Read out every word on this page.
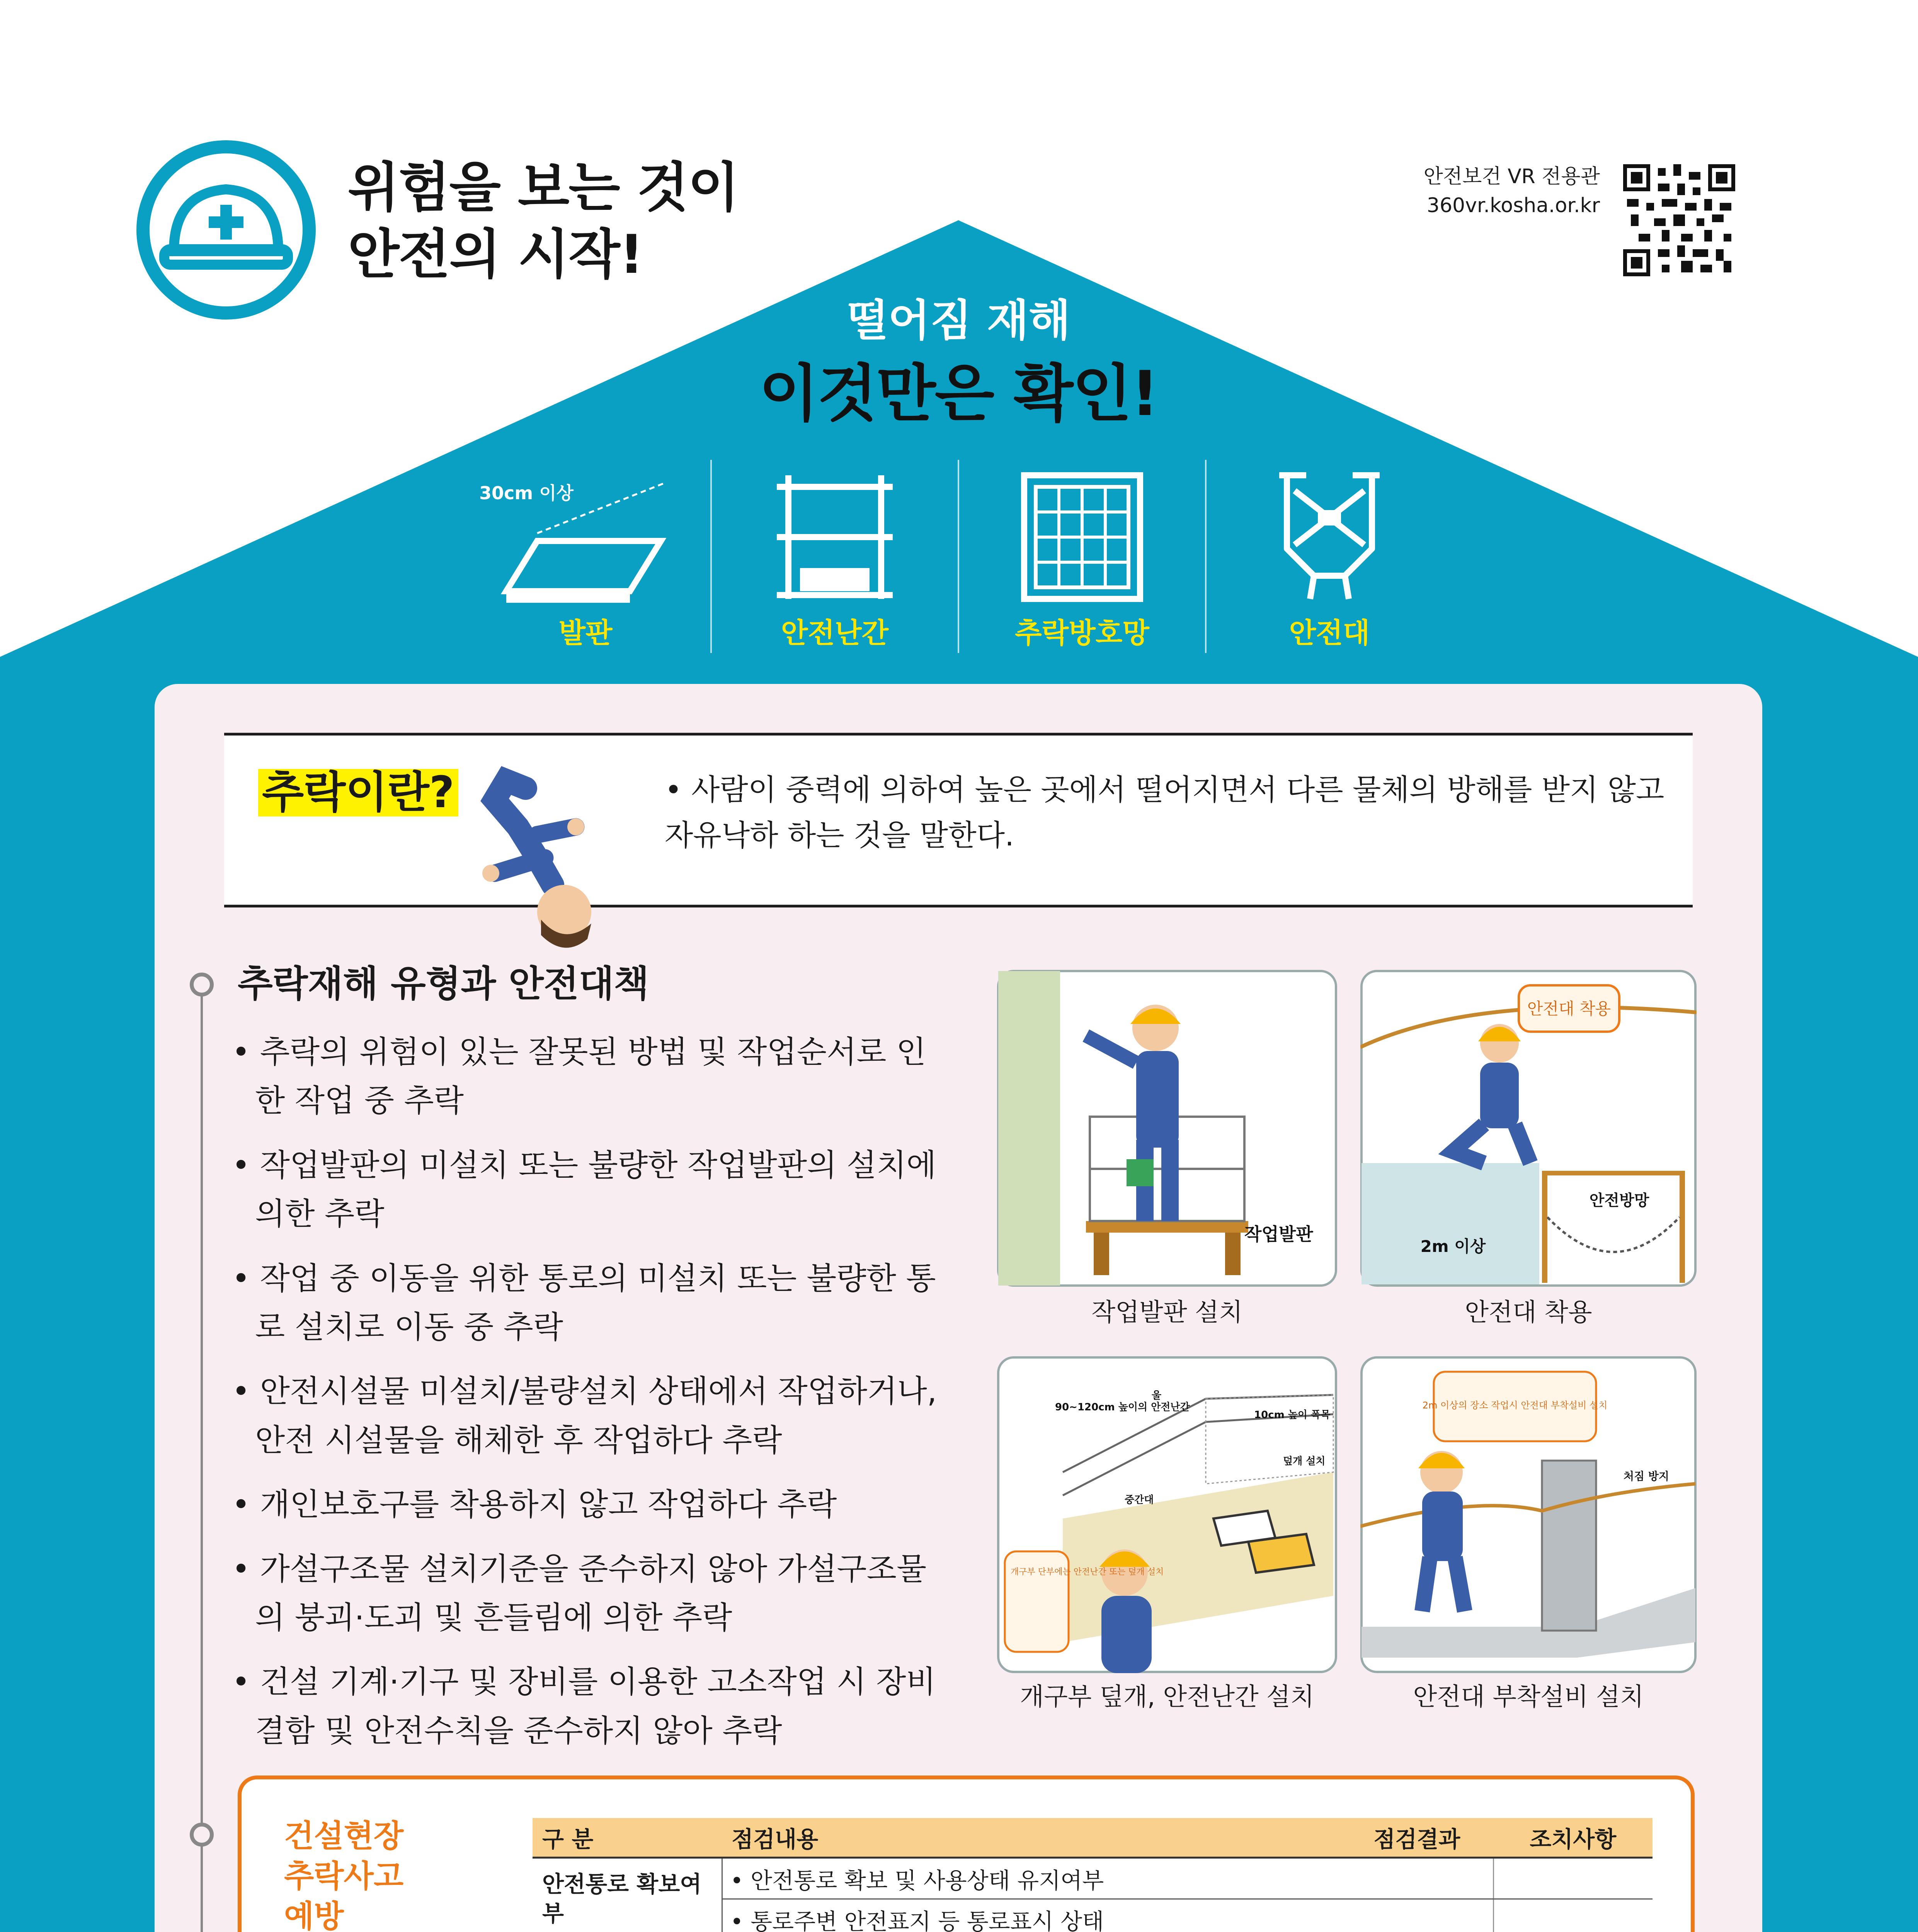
위험을 보는 것이
안전의 시작!
안전보건 VR 전용관
360vr.kosha.or.kr
떨어짐 재해
이것만은 확인!
30cm 이상
발판	안전난간	추락방호망	안전대
추락이란?	• 사람이 중력에 의하여 높은 곳에서 떨어지면서 다른 물체의 방해를 받지 않고 자유낙하 하는 것을 말한다.
추락재해 유형과 안전대책
• 추락의 위험이 있는 잘못된 방법 및 작업순서로 인한 작업 중 추락
• 작업발판의 미설치 또는 불량한 작업발판의 설치에 의한 추락
• 작업 중 이동을 위한 통로의 미설치 또는 불량한 통로 설치로 이동 중 추락
• 안전시설물 미설치/불량설치 상태에서 작업하거나, 안전 시설물을 해체한 후 작업하다 추락
• 개인보호구를 착용하지 않고 작업하다 추락
• 가설구조물 설치기준을 준수하지 않아 가설구조물의 붕괴·도괴 및 흔들림에 의한 추락
• 건설 기계·기구 및 장비를 이용한 고소작업 시 장비 결함 및 안전수칙을 준수하지 않아 추락
작업발판
안전대 착용
안전방망
2m 이상
작업발판 설치	안전대 착용
개구부 단부에는 안전난간 또는 덮개 설치
90~120cm 높이의 안전난간
울
10cm 높이 폭목
덮개 설치
중간대
2m 이상의 장소 작업시 안전대 부착설비 설치
처짐 방지
개구부 덮개, 안전난간 설치	안전대 부착설비 설치
건설현장
추락사고
예방

구 분	점검내용	점검결과	조치사항
안전통로 확보여부	• 안전통로 확보 및 사용상태 유지여부		
	• 통로주변 안전표지 등 통로표시 상태		
